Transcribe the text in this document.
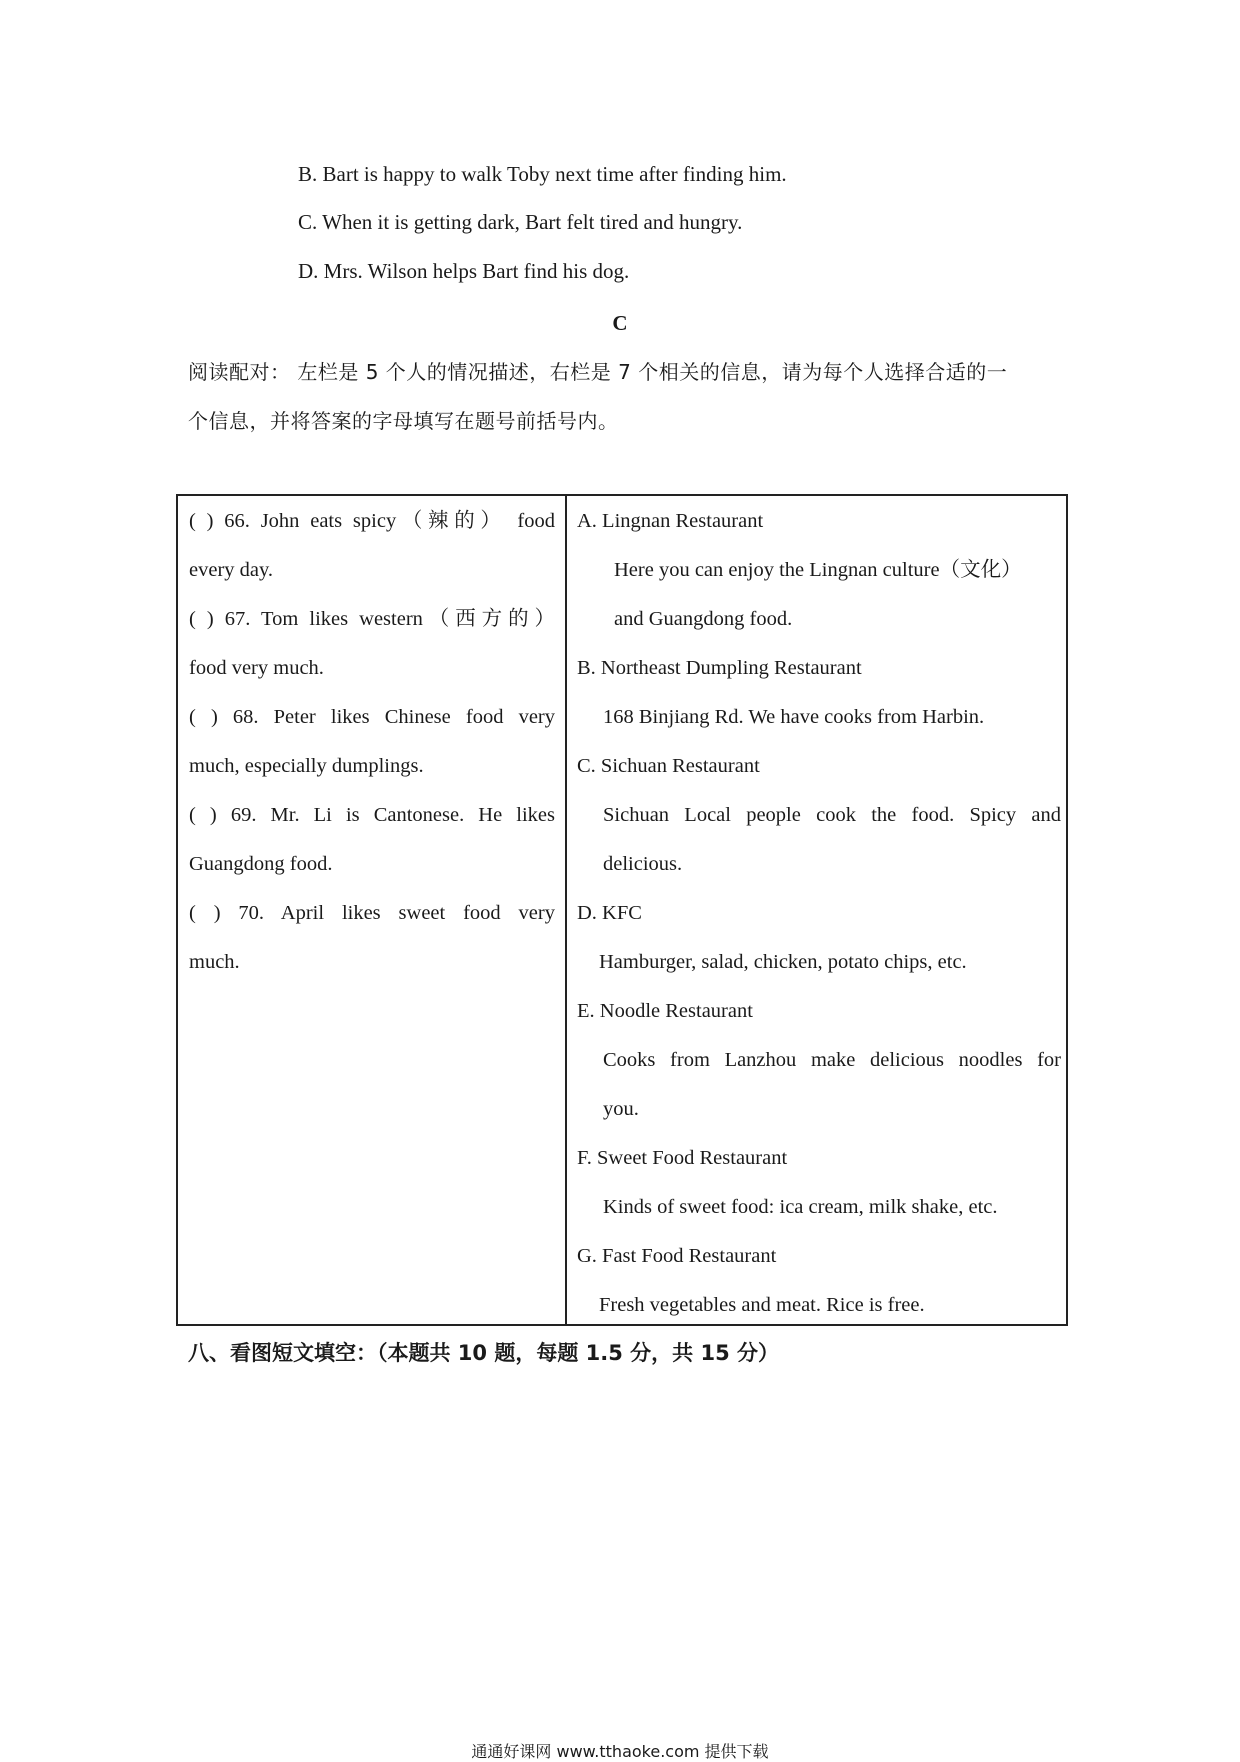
B. Bart is happy to walk Toby next time after finding him.
C. When it is getting dark, Bart felt tired and hungry.
D. Mrs. Wilson helps Bart find his dog.
C
阅读配对： 左栏是 5 个人的情况描述，右栏是 7 个相关的信息，请为每个人选择合适的一
个信息，并将答案的字母填写在题号前括号内。
( ) 66. John eats spicy（辣的） food
every day.
( ) 67. Tom likes western（西方的）
food very much.
( ) 68. Peter likes Chinese food very
much, especially dumplings.
( ) 69. Mr. Li is Cantonese. He likes
Guangdong food.
( ) 70. April likes sweet food very
much.
A. Lingnan Restaurant
Here you can enjoy the Lingnan culture（文化）
and Guangdong food.
B. Northeast Dumpling Restaurant
168 Binjiang Rd. We have cooks from Harbin.
C. Sichuan Restaurant
Sichuan Local people cook the food. Spicy and
delicious.
D. KFC
Hamburger, salad, chicken, potato chips, etc.
E. Noodle Restaurant
Cooks from Lanzhou make delicious noodles for
you.
F. Sweet Food Restaurant
Kinds of sweet food: ica cream, milk shake, etc.
G. Fast Food Restaurant
Fresh vegetables and meat. Rice is free.
八、看图短文填空：（本题共 10 题，每题 1.5 分，共 15 分）
通通好课网 www.tthaoke.com 提供下载
